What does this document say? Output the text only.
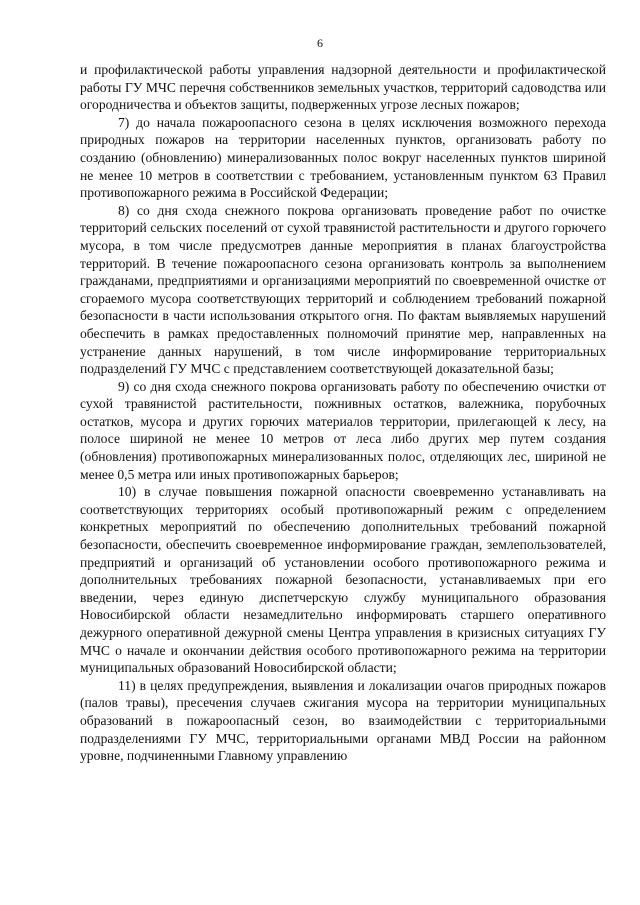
6

и профилактической работы управления надзорной деятельности и профилактической работы ГУ МЧС перечня собственников земельных участков, территорий садоводства или огородничества и объектов защиты, подверженных угрозе лесных пожаров;

7) до начала пожароопасного сезона в целях исключения возможного перехода природных пожаров на территории населенных пунктов, организовать работу по созданию (обновлению) минерализованных полос вокруг населенных пунктов шириной не менее 10 метров в соответствии с требованием, установленным пунктом 63 Правил противопожарного режима в Российской Федерации;

8) со дня схода снежного покрова организовать проведение работ по очистке территорий сельских поселений от сухой травянистой растительности и другого горючего мусора, в том числе предусмотрев данные мероприятия в планах благоустройства территорий. В течение пожароопасного сезона организовать контроль за выполнением гражданами, предприятиями и организациями мероприятий по своевременной очистке от сгораемого мусора соответствующих территорий и соблюдением требований пожарной безопасности в части использования открытого огня. По фактам выявляемых нарушений обеспечить в рамках предоставленных полномочий принятие мер, направленных на устранение данных нарушений, в том числе информирование территориальных подразделений ГУ МЧС с представлением соответствующей доказательной базы;

9) со дня схода снежного покрова организовать работу по обеспечению очистки от сухой травянистой растительности, пожнивных остатков, валежника, порубочных остатков, мусора и других горючих материалов территории, прилегающей к лесу, на полосе шириной не менее 10 метров от леса либо других мер путем создания (обновления) противопожарных минерализованных полос, отделяющих лес, шириной не менее 0,5 метра или иных противопожарных барьеров;

10) в случае повышения пожарной опасности своевременно устанавливать на соответствующих территориях особый противопожарный режим с определением конкретных мероприятий по обеспечению дополнительных требований пожарной безопасности, обеспечить своевременное информирование граждан, землепользователей, предприятий и организаций об установлении особого противопожарного режима и дополнительных требованиях пожарной безопасности, устанавливаемых при его введении, через единую диспетчерскую службу муниципального образования Новосибирской области незамедлительно информировать старшего оперативного дежурного оперативной дежурной смены Центра управления в кризисных ситуациях ГУ МЧС о начале и окончании действия особого противопожарного режима на территории муниципальных образований Новосибирской области;

11) в целях предупреждения, выявления и локализации очагов природных пожаров (палов травы), пресечения случаев сжигания мусора на территории муниципальных образований в пожароопасный сезон, во взаимодействии с территориальными подразделениями ГУ МЧС, территориальными органами МВД России на районном уровне, подчиненными Главному управлению
